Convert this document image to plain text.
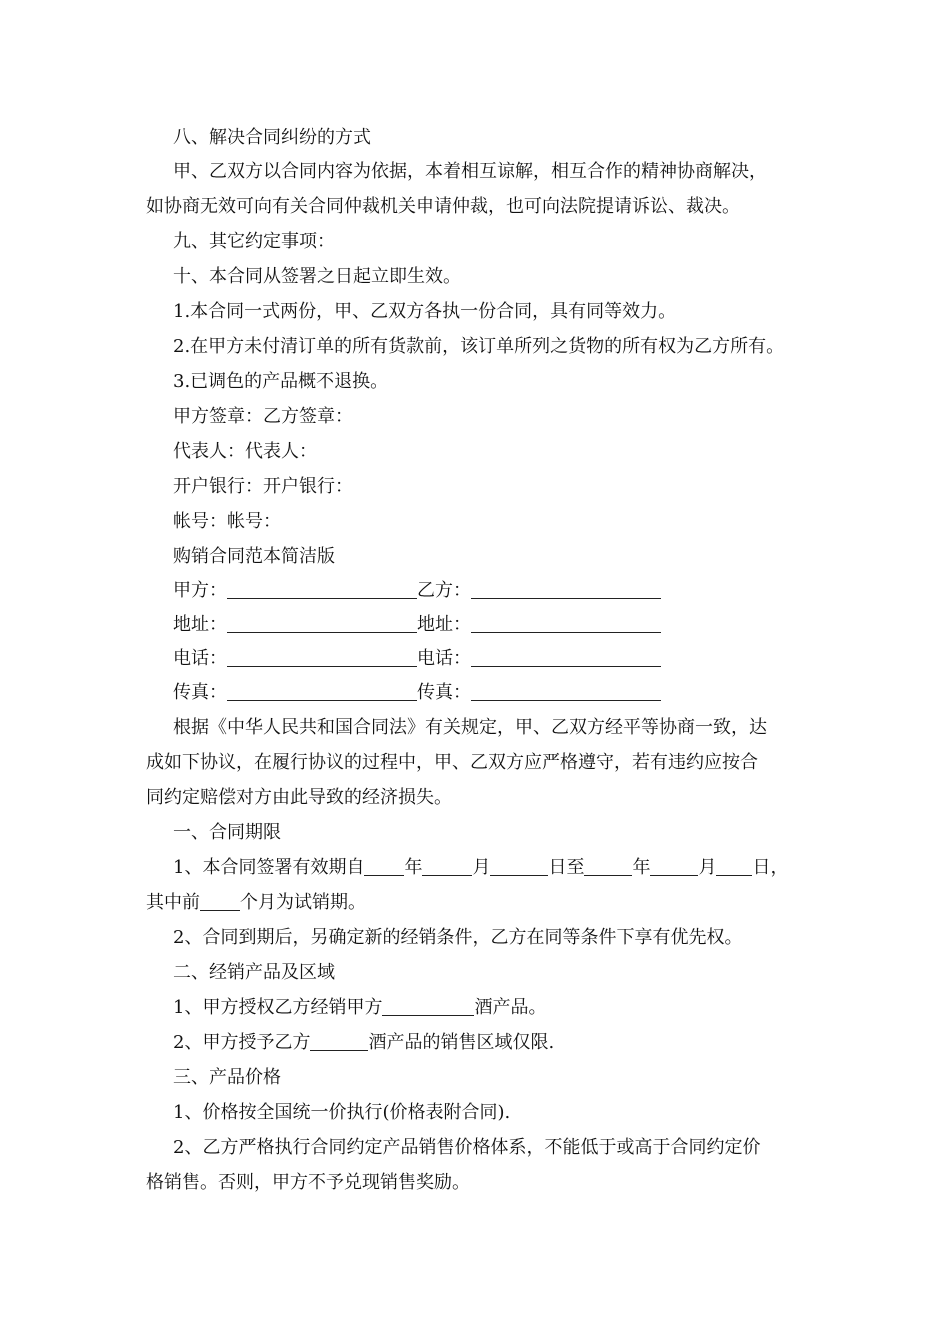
八、解决合同纠纷的方式
甲、乙双方以合同内容为依据，本着相互谅解，相互合作的精神协商解决，
如协商无效可向有关合同仲裁机关申请仲裁，也可向法院提请诉讼、裁决。
九、其它约定事项：
十、本合同从签署之日起立即生效。
1.本合同一式两份，甲、乙双方各执一份合同，具有同等效力。
2.在甲方未付清订单的所有货款前，该订单所列之货物的所有权为乙方所有。
3.已调色的产品概不退换。
甲方签章：乙方签章：
代表人：代表人：
开户银行：开户银行：
帐号：帐号：
购销合同范本简洁版
甲方：	乙方：
地址：	地址：
电话：	电话：
传真：	传真：
根据《中华人民共和国合同法》有关规定，甲、乙双方经平等协商一致，达
成如下协议，在履行协议的过程中，甲、乙双方应严格遵守，若有违约应按合
同约定赔偿对方由此导致的经济损失。
一、合同期限
1、本合同签署有效期自 年	月	日至	年	月 日，
其中前 个月为试销期。
2、合同到期后，另确定新的经销条件，乙方在同等条件下享有优先权。
二、经销产品及区域
1、甲方授权乙方经销甲方	酒产品。
2、甲方授予乙方	酒产品的销售区域仅限.
三、产品价格
1、价格按全国统一价执行(价格表附合同).
2、乙方严格执行合同约定产品销售价格体系，不能低于或高于合同约定价
格销售。否则，甲方不予兑现销售奖励。
